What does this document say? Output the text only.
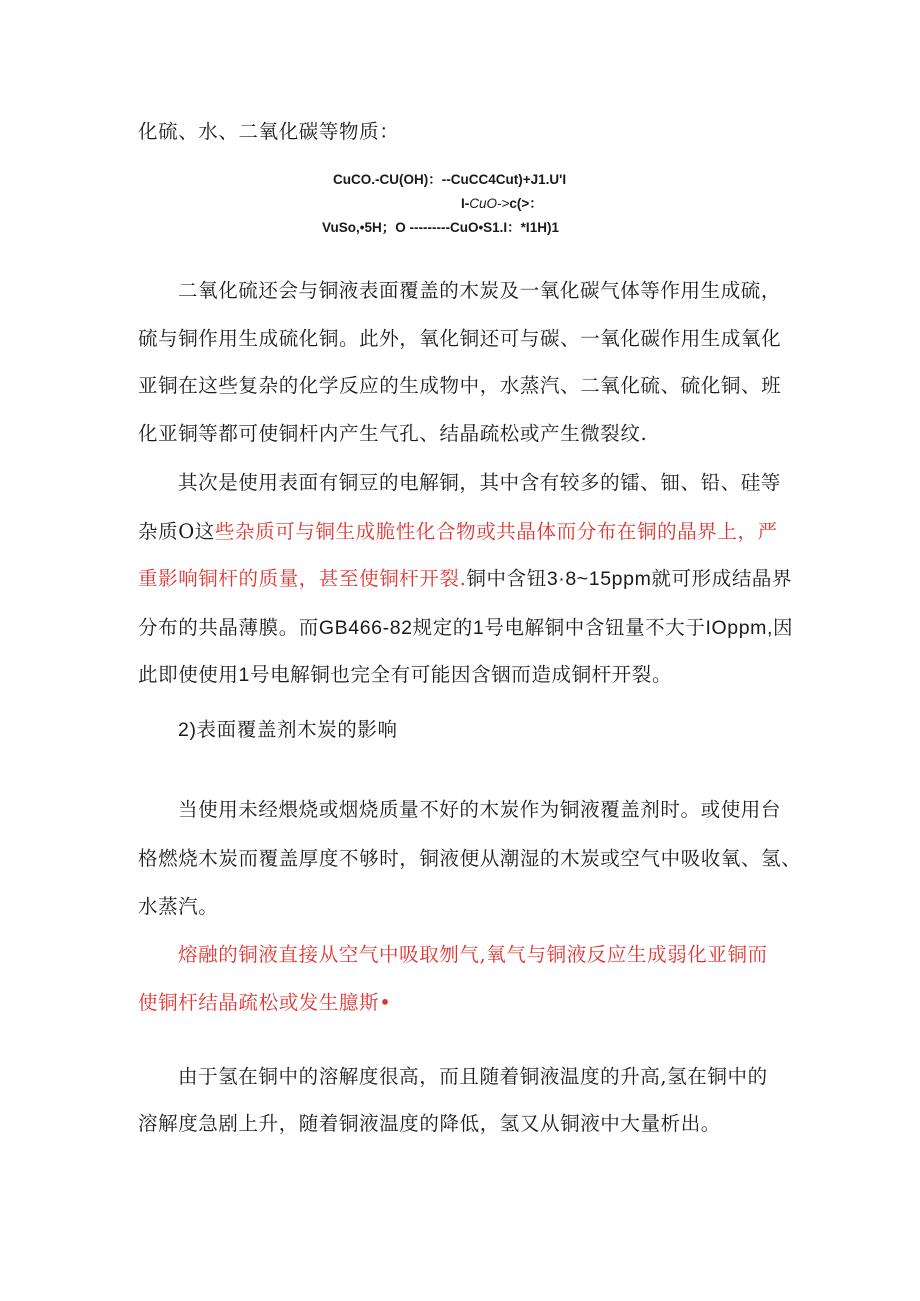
化硫、水、二氧化碳等物质：
CuCO.-CU(OH)：--CuCC4Cut)+J1.U'I
I-CuO->c(>：
VuSo,•5H；O ---------CuO•S1.I：*I1H)1
二氧化硫还会与铜液表面覆盖的木炭及一氧化碳气体等作用生成硫，
硫与铜作用生成硫化铜。此外，氧化铜还可与碳、一氧化碳作用生成氧化
亚铜在这些复杂的化学反应的生成物中，水蒸汽、二氧化硫、硫化铜、班
化亚铜等都可使铜杆内产生气孔、结晶疏松或产生微裂纹.
其次是使用表面有铜豆的电解铜，其中含有较多的镭、钿、铅、硅等
杂质O这些杂质可与铜生成脆性化合物或共晶体而分布在铜的晶界上，严
重影响铜杆的质量，甚至使铜杆开裂.铜中含钮3·8~15ppm就可形成结晶界
分布的共晶薄膜。而GB466-82规定的1号电解铜中含钮量不大于IOppm,因
此即使使用1号电解铜也完全有可能因含铟而造成铜杆开裂。
2)表面覆盖剂木炭的影响
当使用未经煨烧或烟烧质量不好的木炭作为铜液覆盖剂时。或使用台
格燃烧木炭而覆盖厚度不够时，铜液便从潮湿的木炭或空气中吸收氧、氢、
水蒸汽。
熔融的铜液直接从空气中吸取刎气,氧气与铜液反应生成弱化亚铜而
使铜杆结晶疏松或发生臆斯•
由于氢在铜中的溶解度很高，而且随着铜液温度的升高,氢在铜中的
溶解度急剧上升，随着铜液温度的降低，氢又从铜液中大量析出。
